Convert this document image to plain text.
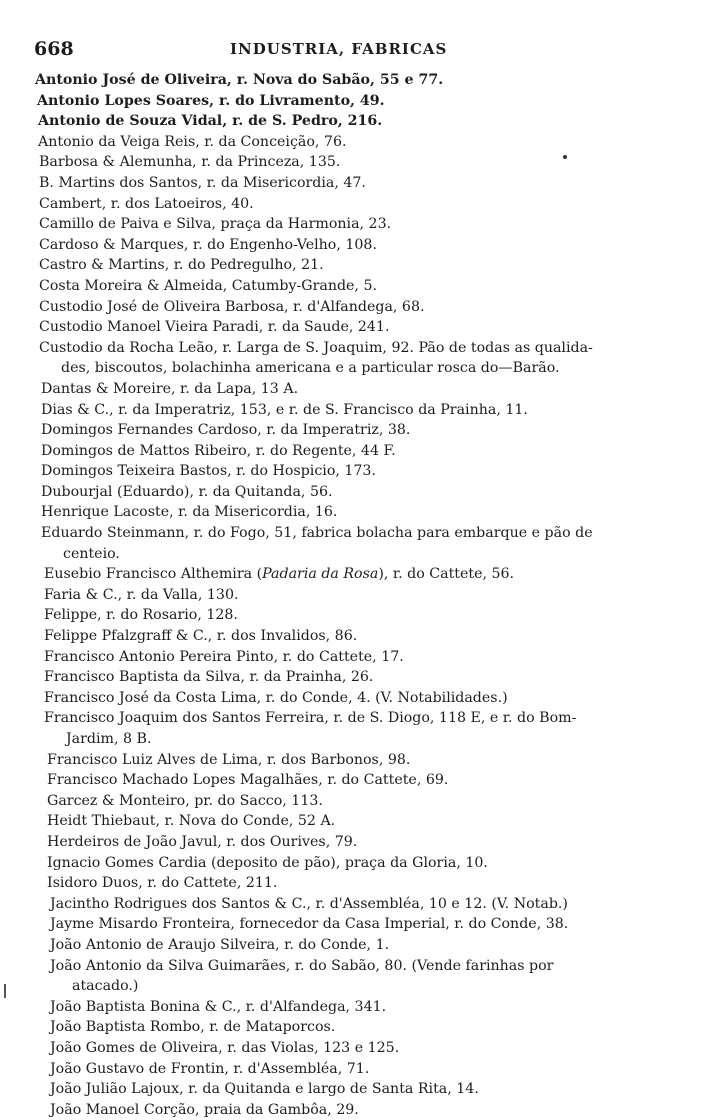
668	INDUSTRIA, FABRICAS
Antonio José de Oliveira, r. Nova do Sabão, 55 e 77.
Antonio Lopes Soares, r. do Livramento, 49.
Antonio de Souza Vidal, r. de S. Pedro, 216.
Antonio da Veiga Reis, r. da Conceição, 76.
Barbosa & Alemunha, r. da Princeza, 135.
B. Martins dos Santos, r. da Misericordia, 47.
Cambert, r. dos Latoeiros, 40.
Camillo de Paiva e Silva, praça da Harmonia, 23.
Cardoso & Marques, r. do Engenho-Velho, 108.
Castro & Martins, r. do Pedregulho, 21.
Costa Moreira & Almeida, Catumby-Grande, 5.
Custodio José de Oliveira Barbosa, r. d'Alfandega, 68.
Custodio Manoel Vieira Paradi, r. da Saude, 241.
Custodio da Rocha Leão, r. Larga de S. Joaquim, 92. Pão de todas as qualida-
des, biscoutos, bolachinha americana e a particular rosca do—Barão.
Dantas & Moreire, r. da Lapa, 13 A.
Dias & C., r. da Imperatriz, 153, e r. de S. Francisco da Prainha, 11.
Domingos Fernandes Cardoso, r. da Imperatriz, 38.
Domingos de Mattos Ribeiro, r. do Regente, 44 F.
Domingos Teixeira Bastos, r. do Hospicio, 173.
Dubourjal (Eduardo), r. da Quitanda, 56.
Henrique Lacoste, r. da Misericordia, 16.
Eduardo Steinmann, r. do Fogo, 51, fabrica bolacha para embarque e pão de
centeio.
Eusebio Francisco Althemira (Padaria da Rosa), r. do Cattete, 56.
Faria & C., r. da Valla, 130.
Felippe, r. do Rosario, 128.
Felippe Pfalzgraff & C., r. dos Invalidos, 86.
Francisco Antonio Pereira Pinto, r. do Cattete, 17.
Francisco Baptista da Silva, r. da Prainha, 26.
Francisco José da Costa Lima, r. do Conde, 4. (V. Notabilidades.)
Francisco Joaquim dos Santos Ferreira, r. de S. Diogo, 118 E, e r. do Bom-
Jardim, 8 B.
Francisco Luiz Alves de Lima, r. dos Barbonos, 98.
Francisco Machado Lopes Magalhães, r. do Cattete, 69.
Garcez & Monteiro, pr. do Sacco, 113.
Heidt Thiebaut, r. Nova do Conde, 52 A.
Herdeiros de João Javul, r. dos Ourives, 79.
Ignacio Gomes Cardia (deposito de pão), praça da Gloria, 10.
Isidoro Duos, r. do Cattete, 211.
Jacintho Rodrigues dos Santos & C., r. d'Assembléa, 10 e 12. (V. Notab.)
Jayme Misardo Fronteira, fornecedor da Casa Imperial, r. do Conde, 38.
João Antonio de Araujo Silveira, r. do Conde, 1.
João Antonio da Silva Guimarães, r. do Sabão, 80. (Vende farinhas por
atacado.)
João Baptista Bonina & C., r. d'Alfandega, 341.
João Baptista Rombo, r. de Mataporcos.
João Gomes de Oliveira, r. das Violas, 123 e 125.
João Gustavo de Frontin, r. d'Assembléa, 71.
João Julião Lajoux, r. da Quitanda e largo de Santa Rita, 14.
João Manoel Corção, praia da Gambôa, 29.
